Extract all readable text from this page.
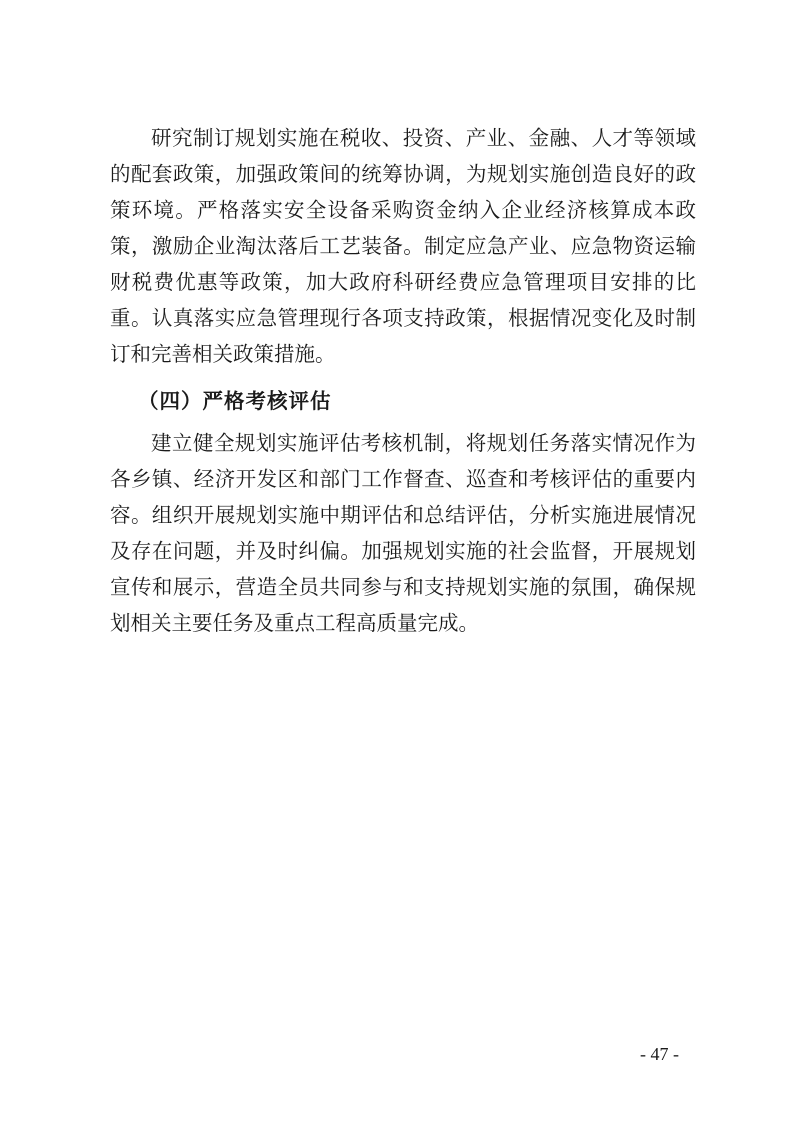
研究制订规划实施在税收、投资、产业、金融、人才等领域
的配套政策，加强政策间的统筹协调，为规划实施创造良好的政
策环境。严格落实安全设备采购资金纳入企业经济核算成本政
策，激励企业淘汰落后工艺装备。制定应急产业、应急物资运输
财税费优惠等政策，加大政府科研经费应急管理项目安排的比
重。认真落实应急管理现行各项支持政策，根据情况变化及时制
订和完善相关政策措施。
（四）严格考核评估
建立健全规划实施评估考核机制，将规划任务落实情况作为
各乡镇、经济开发区和部门工作督查、巡查和考核评估的重要内
容。组织开展规划实施中期评估和总结评估，分析实施进展情况
及存在问题，并及时纠偏。加强规划实施的社会监督，开展规划
宣传和展示，营造全员共同参与和支持规划实施的氛围，确保规
划相关主要任务及重点工程高质量完成。
- 47 -
